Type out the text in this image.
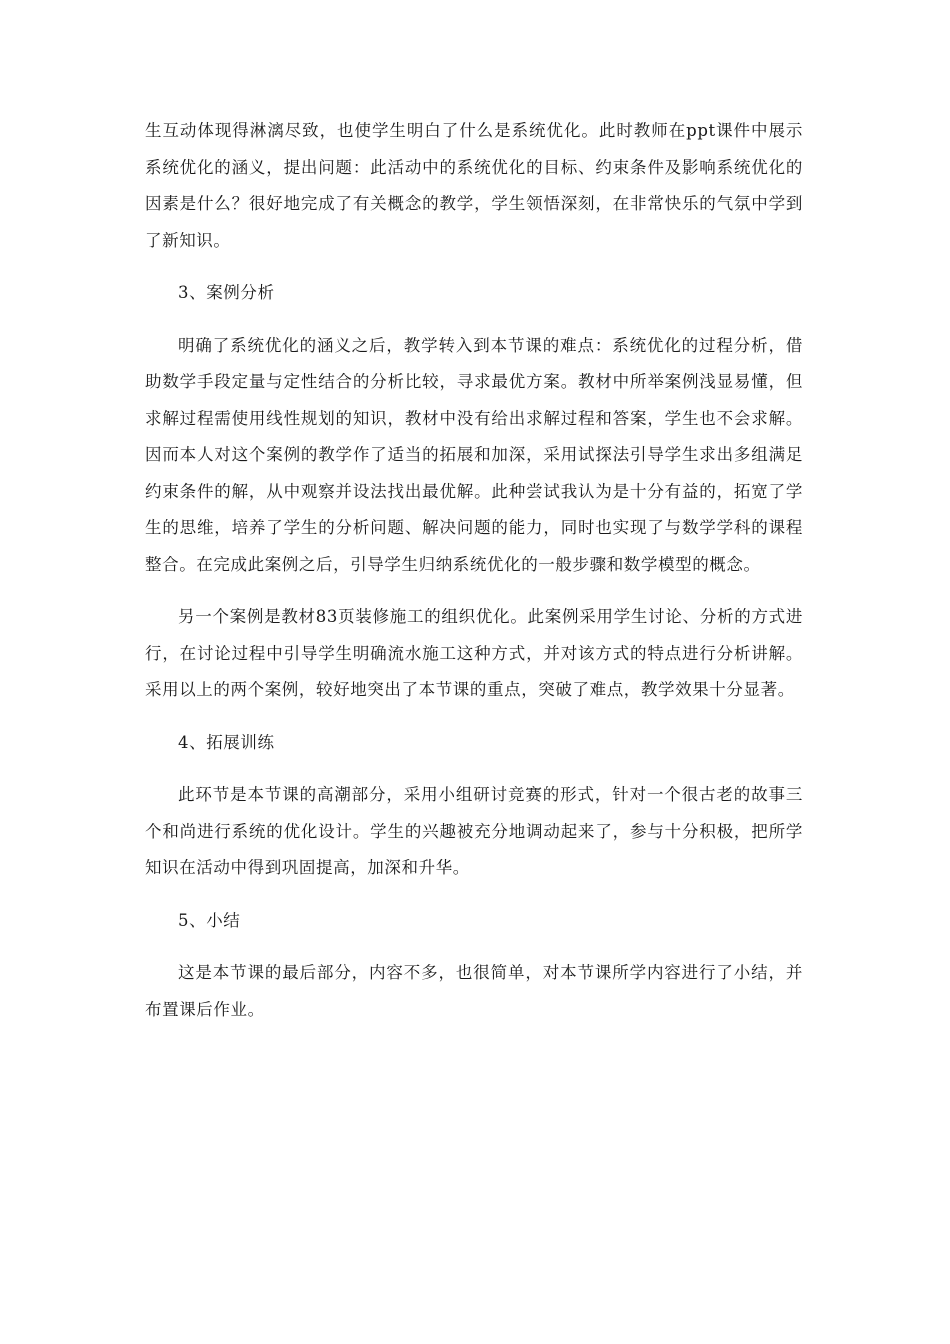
生互动体现得淋漓尽致，也使学生明白了什么是系统优化。此时教师在ppt课件中展示系统优化的涵义，提出问题：此活动中的系统优化的目标、约束条件及影响系统优化的因素是什么？很好地完成了有关概念的教学，学生领悟深刻，在非常快乐的气氛中学到了新知识。

3、案例分析

明确了系统优化的涵义之后，教学转入到本节课的难点：系统优化的过程分析，借助数学手段定量与定性结合的分析比较，寻求最优方案。教材中所举案例浅显易懂，但求解过程需使用线性规划的知识，教材中没有给出求解过程和答案，学生也不会求解。因而本人对这个案例的教学作了适当的拓展和加深，采用试探法引导学生求出多组满足约束条件的解，从中观察并设法找出最优解。此种尝试我认为是十分有益的，拓宽了学生的思维，培养了学生的分析问题、解决问题的能力，同时也实现了与数学学科的课程整合。在完成此案例之后，引导学生归纳系统优化的一般步骤和数学模型的概念。

另一个案例是教材83页装修施工的组织优化。此案例采用学生讨论、分析的方式进行，在讨论过程中引导学生明确流水施工这种方式，并对该方式的特点进行分析讲解。采用以上的两个案例，较好地突出了本节课的重点，突破了难点，教学效果十分显著。

4、拓展训练

此环节是本节课的高潮部分，采用小组研讨竞赛的形式，针对一个很古老的故事三个和尚进行系统的优化设计。学生的兴趣被充分地调动起来了，参与十分积极，把所学知识在活动中得到巩固提高，加深和升华。

5、小结

这是本节课的最后部分，内容不多，也很简单，对本节课所学内容进行了小结，并布置课后作业。
